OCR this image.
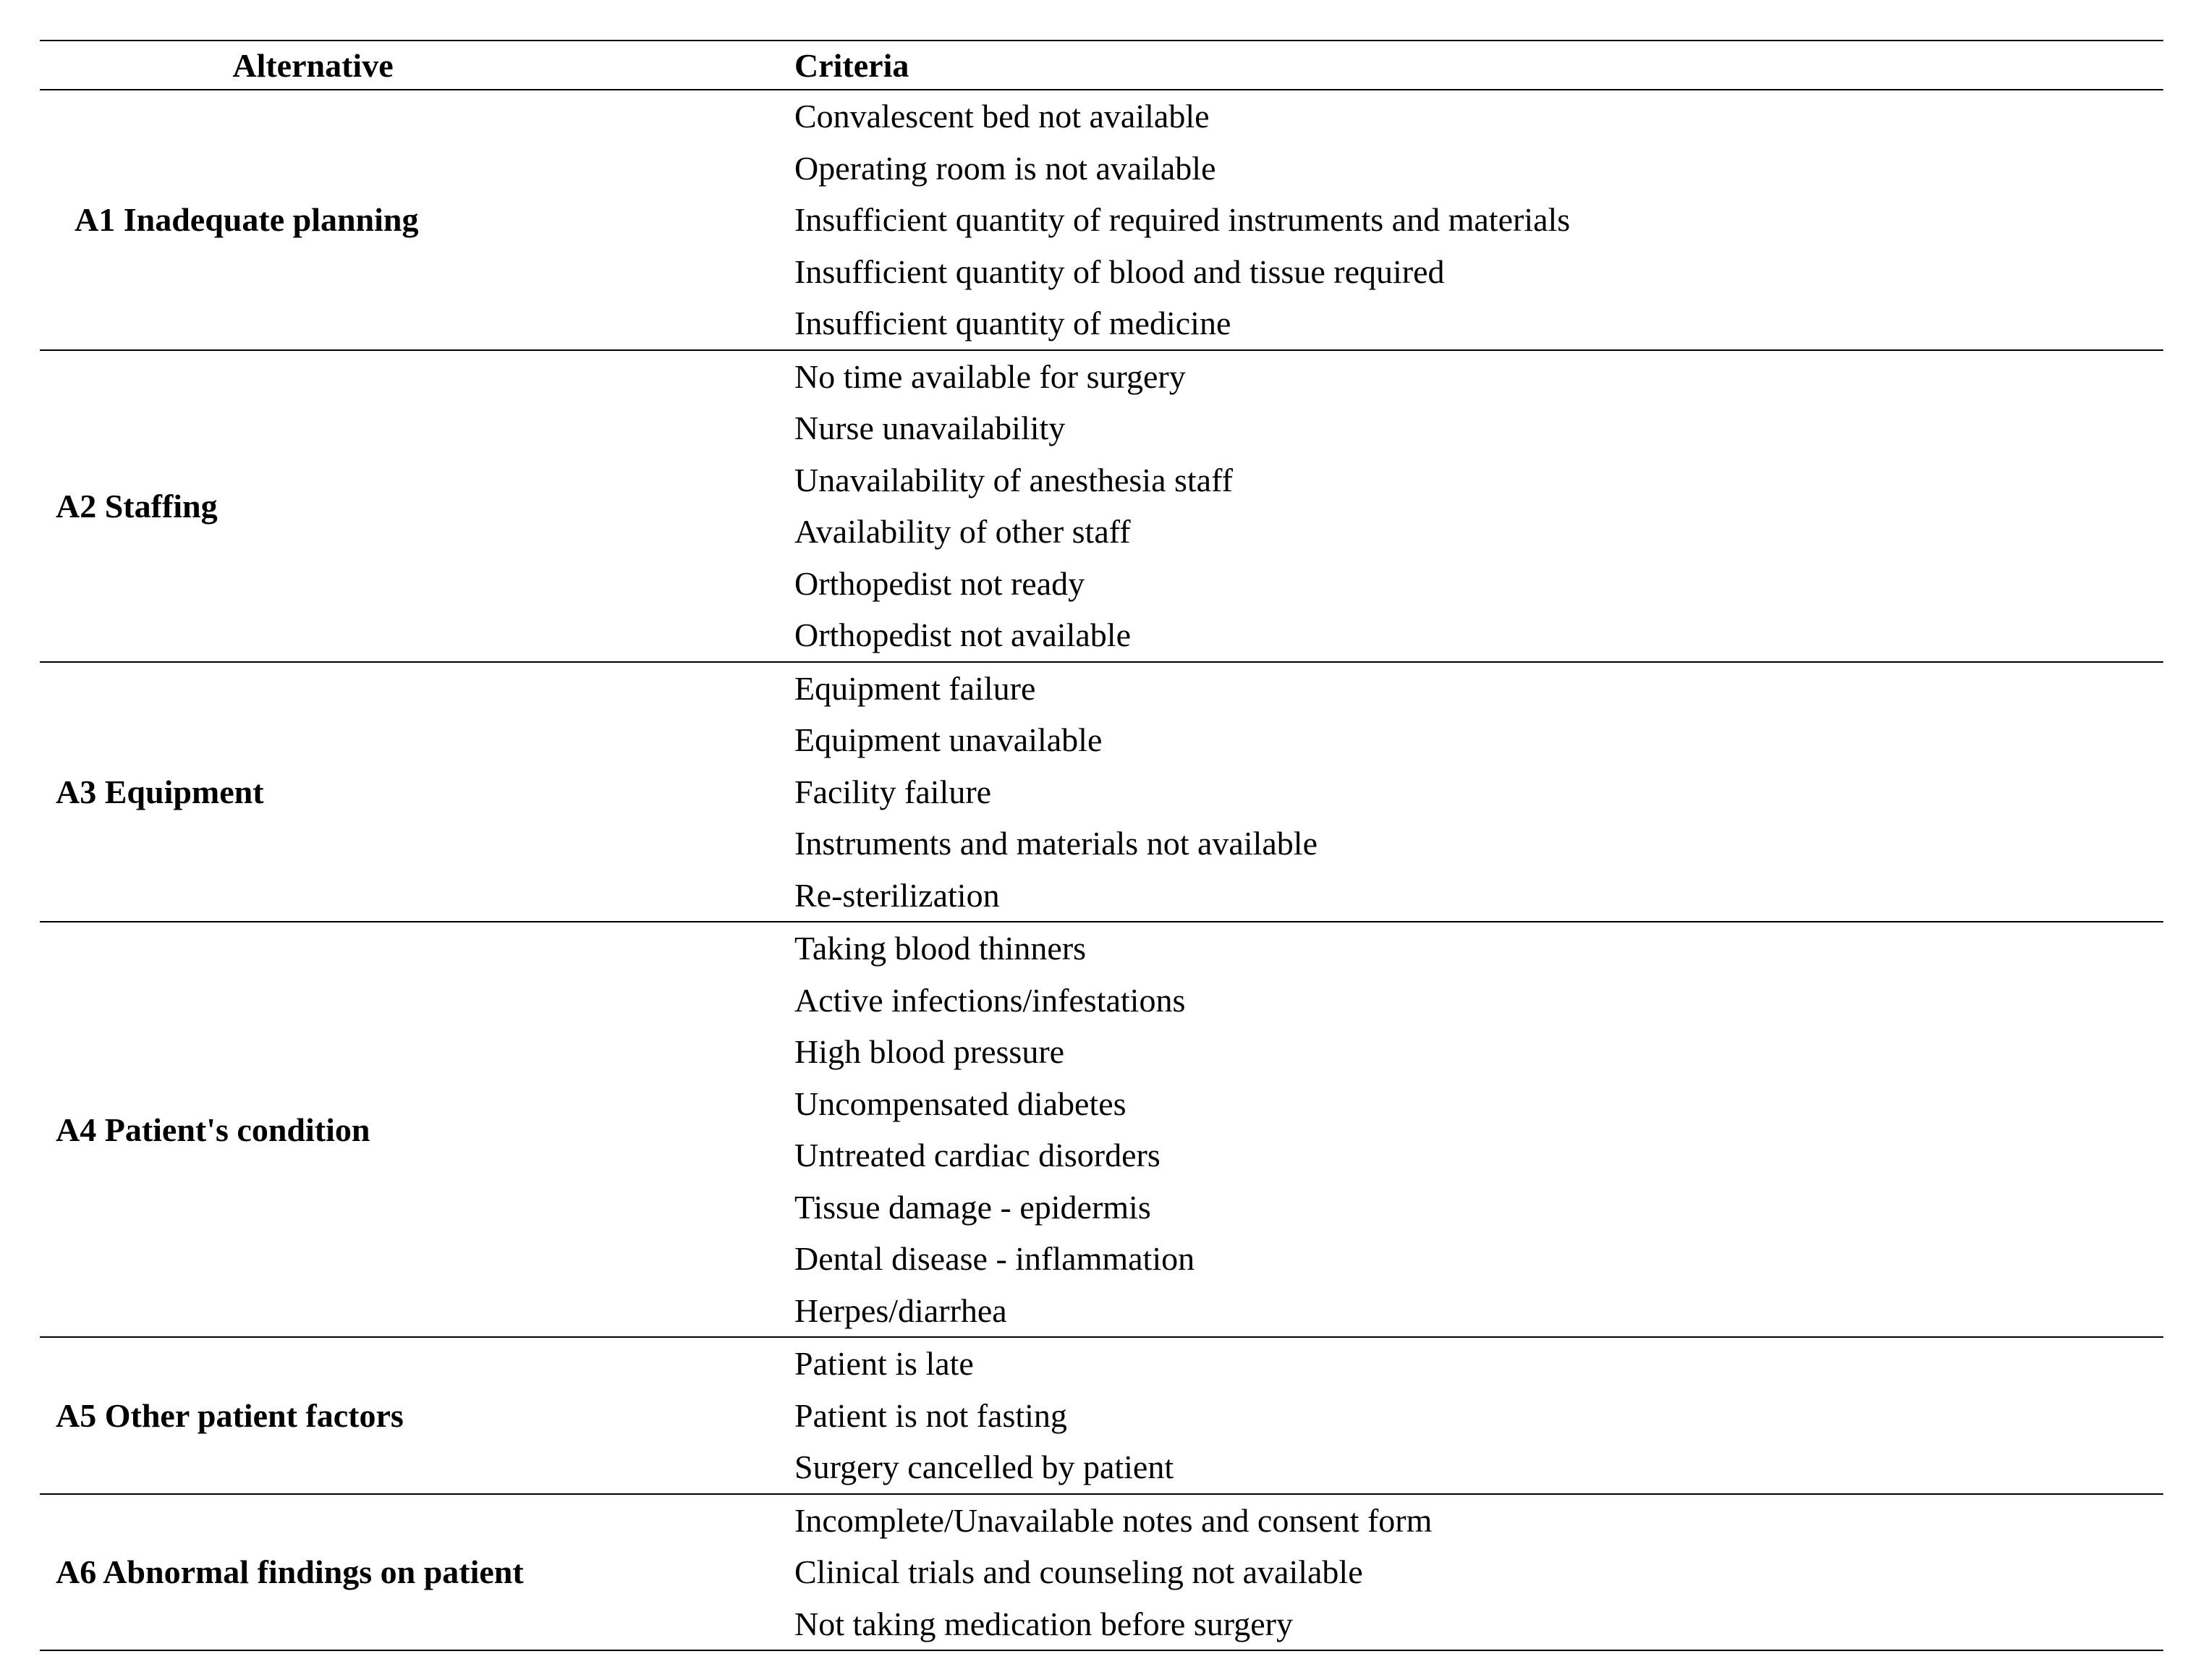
Alternative	Criteria
A1 Inadequate planning
Convalescent bed not available
Operating room is not available
Insufficient quantity of required instruments and materials
Insufficient quantity of blood and tissue required
Insufficient quantity of medicine
A2 Staffing
No time available for surgery
Nurse unavailability
Unavailability of anesthesia staff
Availability of other staff
Orthopedist not ready
Orthopedist not available
A3 Equipment
Equipment failure
Equipment unavailable
Facility failure
Instruments and materials not available
Re-sterilization
A4 Patient's condition
Taking blood thinners
Active infections/infestations
High blood pressure
Uncompensated diabetes
Untreated cardiac disorders
Tissue damage - epidermis
Dental disease - inflammation
Herpes/diarrhea
A5 Other patient factors
Patient is late
Patient is not fasting
Surgery cancelled by patient
A6 Abnormal findings on patient
Incomplete/Unavailable notes and consent form
Clinical trials and counseling not available
Not taking medication before surgery
